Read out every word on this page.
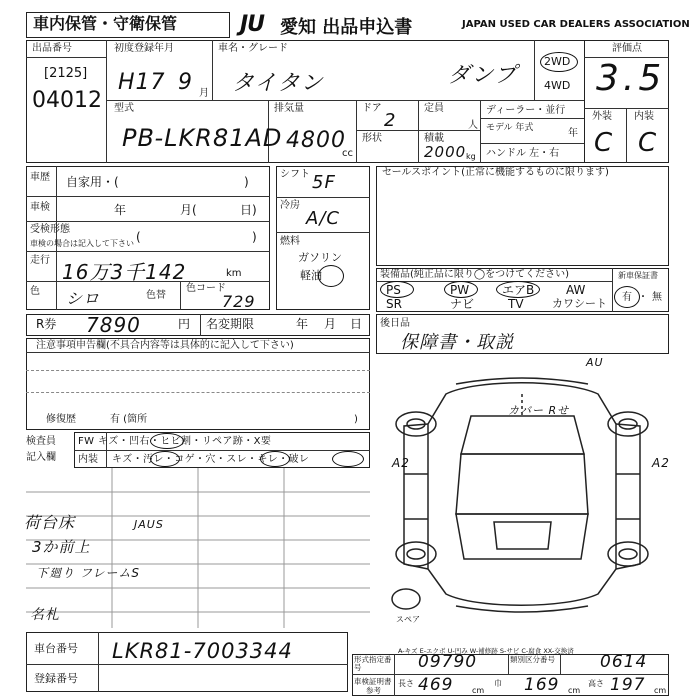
車内保管・守衛保管	JU 愛知 出品申込書	JAPAN USED CAR DEALERS ASSOCIATION
出品番号
[2125]
04012
初度登録年月
H17 9 月
車名・グレード
タイタン	ダンプ
2WD
4WD
評価点
3.5
外装 内装
C C
型式
PB-LKR81AD
排気量
4800
cc
ドア
2
形状
定員
人
積載
2000 kg
ディーラー・並行
モデル 年式	年
ハンドル 左・右
車歴 自家用・(	)
車検	年	月(	日)
受検形態
車検の場合は記入して下さい (	)
走行 16万3千142	km
色 シロ	色替
色コード
729
シフト 5F
冷房
A/C
燃料
ガソリン
軽油
セールスポイント(正常に機能するものに限ります)
装備品(純正品に限り◯をつけてください)
PS	PW	エアB	AW
SR	ナビ	TV	カワシート
新車保証書
有 ・ 無
R券 7890	円 名変期限	年 月 日 後日品
保障書・取説
注意事項申告欄(不具合内容等は具体的に記入して下さい)
修復歴	有 (箇所	)
検査員
記入欄
FW キズ・凹右・ヒビ割・リペア跡・X要
内装 キズ・汚レ・コゲ・穴・スレ・キレ・破レ
荷台床	JAUS
3か前上
下廻り フレームS
名札
車台番号 LKR81-7003344
登録番号
AU
カバー Rせ
A2	A2
スペア
A-キズ E-エクボ U-凹み W-補修跡 S-サビ C-腐食 XX-交換済
形式指定番号	09790	類別区分番号	0614
車検証明書
参考
長さ 469 cm
巾 169 cm
高さ 197 cm
